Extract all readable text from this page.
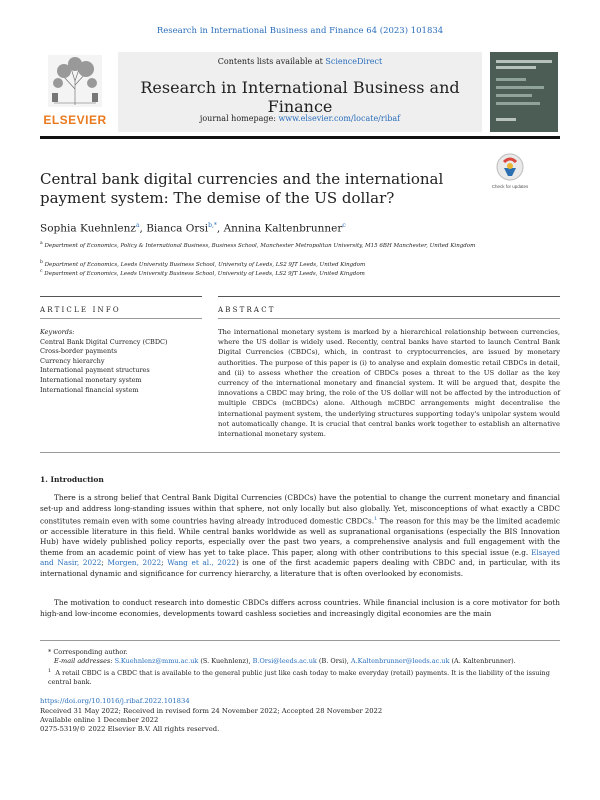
Research in International Business and Finance 64 (2023) 101834
ELSEVIER
Contents lists available at ScienceDirect
Research in International Business and Finance
journal homepage: www.elsevier.com/locate/ribaf
Central bank digital currencies and the international payment system: The demise of the US dollar?
Check for updates
Sophia Kuehnlenz$^a$, Bianca Orsi$^{b,*}$, Annina Kaltenbrunner$^c$
$^a$ Department of Economics, Policy & International Business, Business School, Manchester Metropolitan University, M15 6BH Manchester, United Kingdom
$^b$ Department of Economics, Leeds University Business School, University of Leeds, LS2 9JT Leeds, United Kingdom
$^c$ Department of Economics, Leeds University Business School, University of Leeds, LS2 9JT Leeds, United Kingdom
ARTICLE INFO	ABSTRACT
Keywords:
Central Bank Digital Currency (CBDC)
Cross-border payments
Currency hierarchy
International payment structures
International monetary system
International financial system
The international monetary system is marked by a hierarchical relationship between currencies, where the US dollar is widely used. Recently, central banks have started to launch Central Bank Digital Currencies (CBDCs), which, in contrast to cryptocurrencies, are issued by monetary authorities. The purpose of this paper is (i) to analyse and explain domestic retail CBDCs in detail, and (ii) to assess whether the creation of CBDCs poses a threat to the US dollar as the key currency of the international monetary and financial system. It will be argued that, despite the innovations a CBDC may bring, the role of the US dollar will not be affected by the introduction of multiple CBDCs (mCBDCs) alone. Although mCBDC arrangements might decentralise the international payment system, the underlying structures supporting today's unipolar system would not automatically change. It is crucial that central banks work together to establish an alternative international monetary system.
1. Introduction
There is a strong belief that Central Bank Digital Currencies (CBDCs) have the potential to change the current monetary and financial set-up and address long-standing issues within that sphere, not only locally but also globally. Yet, misconceptions of what exactly a CBDC constitutes remain even with some countries having already introduced domestic CBDCs.$^1$ The reason for this may be the limited academic or accessible literature in this field. While central banks worldwide as well as supranational organisations (especially the BIS Innovation Hub) have widely published policy reports, especially over the past two years, a comprehensive analysis and full engagement with the theme from an academic point of view has yet to take place. This paper, along with other contributions to this special issue (e.g. Elsayed and Nasir, 2022; Morgen, 2022; Wang et al., 2022) is one of the first academic papers dealing with CBDC and, in particular, with its international dynamic and significance for currency hierarchy, a literature that is often overlooked by economists.
The motivation to conduct research into domestic CBDCs differs across countries. While financial inclusion is a core motivator for both high-and low-income economies, developments toward cashless societies and increasingly digital economies are the main
* Corresponding author.
E-mail addresses: S.Kuehnlenz@mmu.ac.uk (S. Kuehnlenz), B.Orsi@leeds.ac.uk (B. Orsi), A.Kaltenbrunner@leeds.ac.uk (A. Kaltenbrunner).
$^1$ A retail CBDC is a CBDC that is available to the general public just like cash today to make everyday (retail) payments. It is the liability of the issuing central bank.
https://doi.org/10.1016/j.ribaf.2022.101834
Received 31 May 2022; Received in revised form 24 November 2022; Accepted 28 November 2022
Available online 1 December 2022
0275-5319/© 2022 Elsevier B.V. All rights reserved.
